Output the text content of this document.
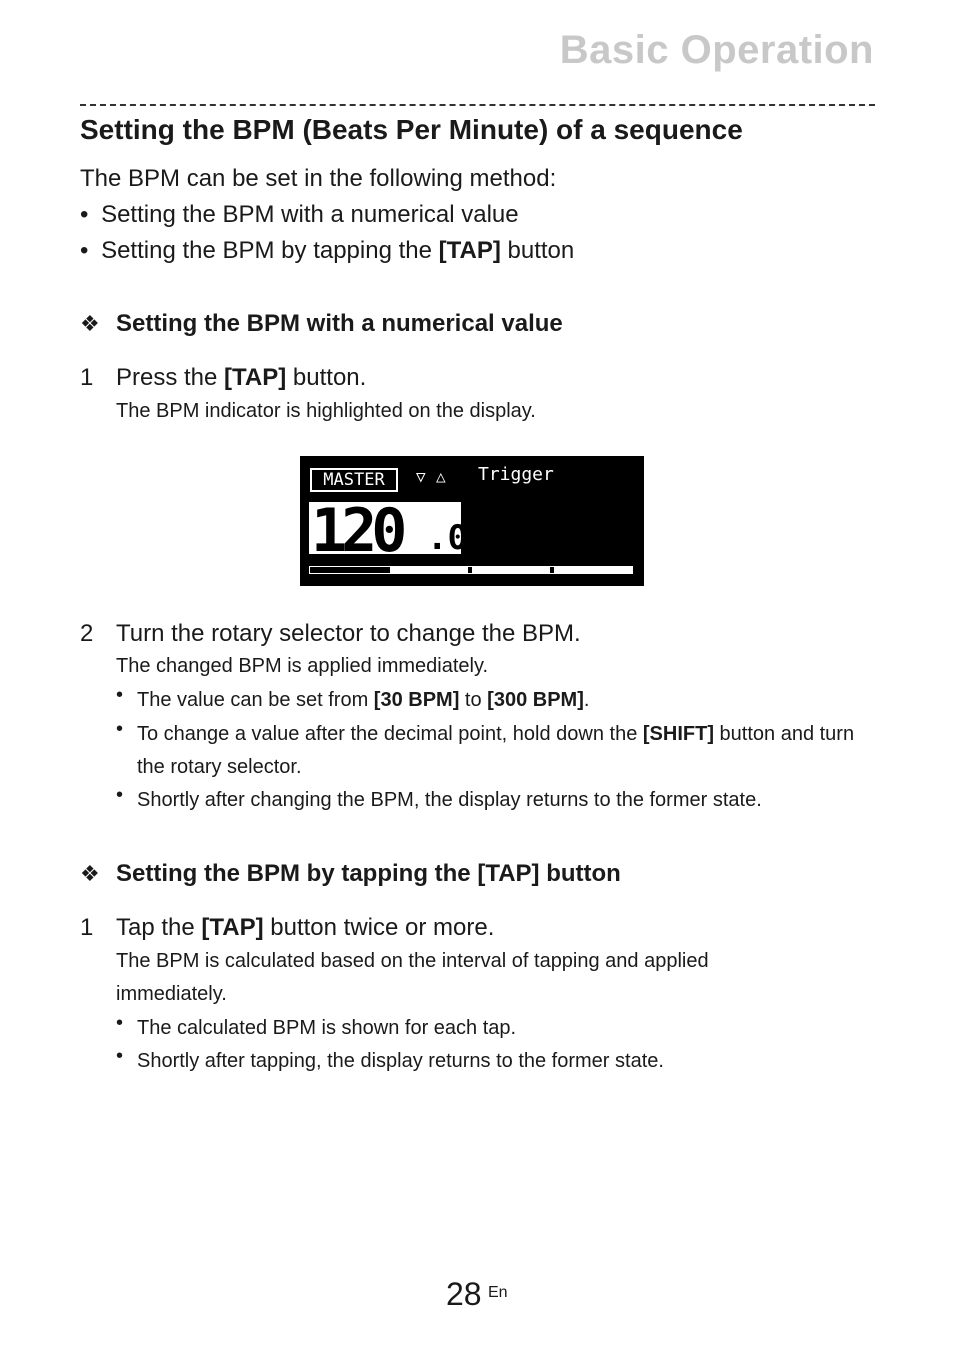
Basic Operation
Setting the BPM (Beats Per Minute) of a sequence
The BPM can be set in the following method:
• Setting the BPM with a numerical value
• Setting the BPM by tapping the [TAP] button
❖ Setting the BPM with a numerical value
1 Press the [TAP] button.
The BPM indicator is highlighted on the display.
MASTER	▽ △ Trigger
120 .0
2 Turn the rotary selector to change the BPM.
The changed BPM is applied immediately.
• The value can be set from [30 BPM] to [300 BPM].
• To change a value after the decimal point, hold down the [SHIFT] button and turn the rotary selector.
• Shortly after changing the BPM, the display returns to the former state.
❖ Setting the BPM by tapping the [TAP] button
1 Tap the [TAP] button twice or more.
The BPM is calculated based on the interval of tapping and applied immediately.
• The calculated BPM is shown for each tap.
• Shortly after tapping, the display returns to the former state.
28 En
